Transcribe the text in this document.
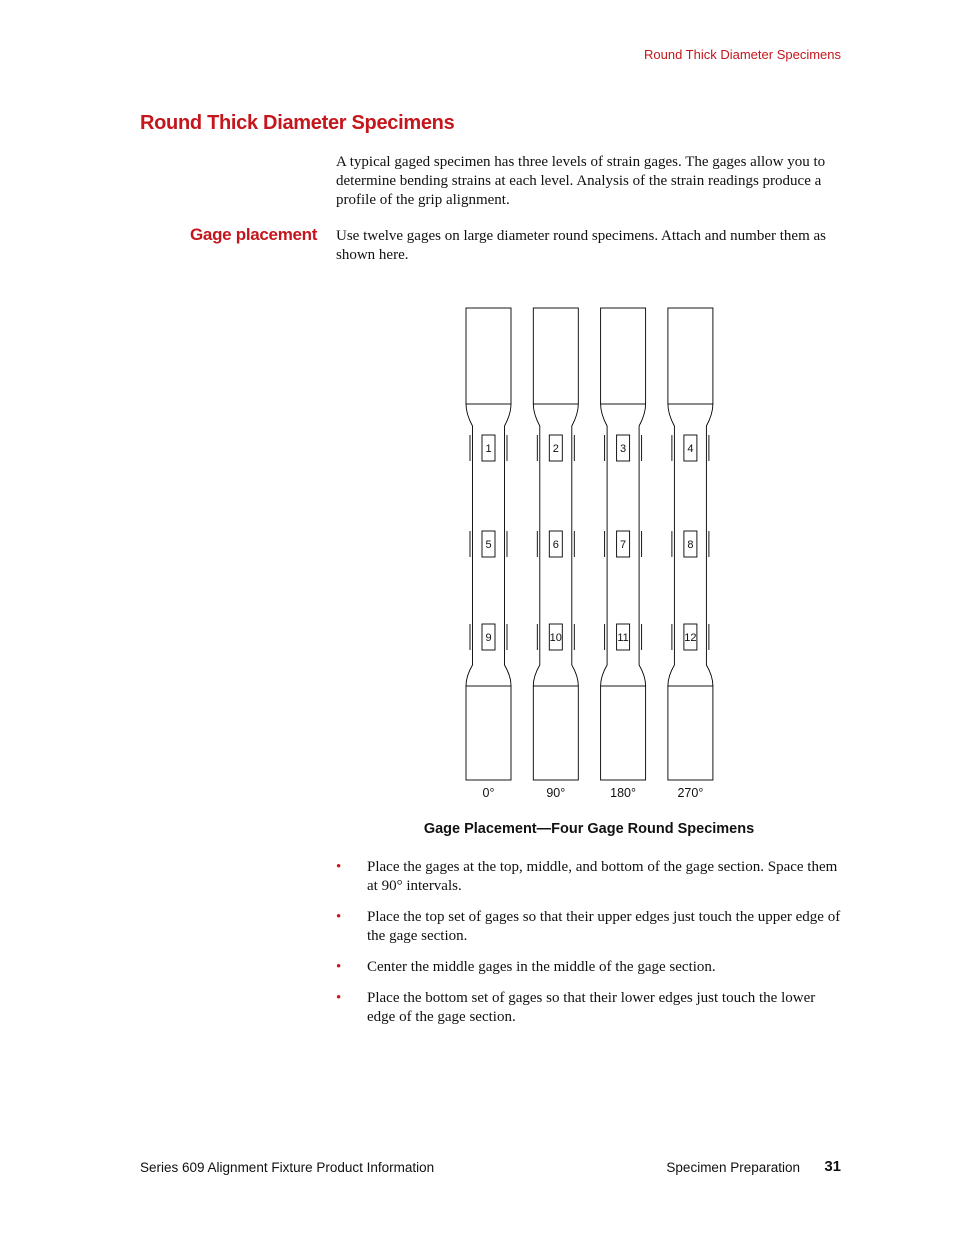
Round Thick Diameter Specimens
Round Thick Diameter Specimens

A typical gaged specimen has three levels of strain gages. The gages allow you to determine bending strains at each level. Analysis of the strain readings produce a profile of the grip alignment.

Gage placement Use twelve gages on large diameter round specimens. Attach and number them as shown here.

1
5
9
0°
2
6
10
90°
3
7
11
180°
4
8
12
270°
Gage Placement—Four Gage Round Specimens
• Place the gages at the top, middle, and bottom of the gage section. Space them at 90° intervals.
• Place the top set of gages so that their upper edges just touch the upper edge of the gage section.
• Center the middle gages in the middle of the gage section.
• Place the bottom set of gages so that their lower edges just touch the lower edge of the gage section.
Series 609 Alignment Fixture Product Information	Specimen Preparation 31
